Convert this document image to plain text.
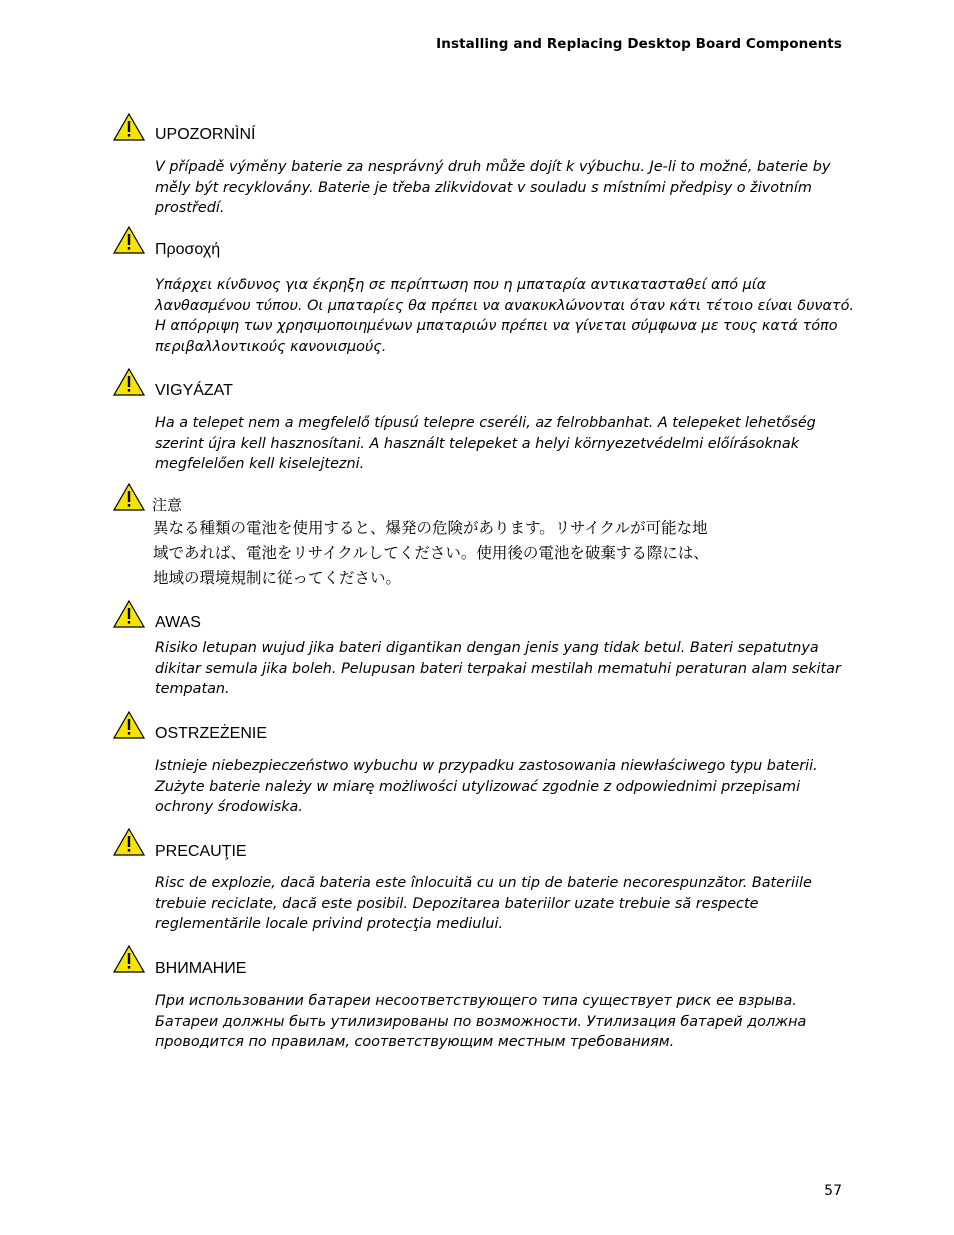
Installing and Replacing Desktop Board Components
UPOZORNÌNÍ

V případě výměny baterie za nesprávný druh může dojít k výbuchu. Je-li to možné, baterie by měly být recyklovány. Baterie je třeba zlikvidovat v souladu s místními předpisy o životním prostředí.

Προσοχή

Υπάρχει κίνδυνος για έκρηξη σε περίπτωση που η μπαταρία αντικατασταθεί από μία λανθασμένου τύπου. Οι μπαταρίες θα πρέπει να ανακυκλώνονται όταν κάτι τέτοιο είναι δυνατό. Η απόρριψη των χρησιμοποιημένων μπαταριών πρέπει να γίνεται σύμφωνα με τους κατά τόπο περιβαλλοντικούς κανονισμούς.

VIGYÁZAT

Ha a telepet nem a megfelelő típusú telepre cseréli, az felrobbanhat. A telepeket lehetőség szerint újra kell hasznosítani. A használt telepeket a helyi környezetvédelmi előírásoknak megfelelően kell kiselejtezni.

注意

異なる種類の電池を使用すると、爆発の危険があります。リサイクルが可能な地域であれば、電池をリサイクルしてください。使用後の電池を破棄する際には、地域の環境規制に従ってください。

AWAS

Risiko letupan wujud jika bateri digantikan dengan jenis yang tidak betul. Bateri sepatutnya dikitar semula jika boleh. Pelupusan bateri terpakai mestilah mematuhi peraturan alam sekitar tempatan.

OSTRZEŻENIE

Istnieje niebezpieczeństwo wybuchu w przypadku zastosowania niewłaściwego typu baterii. Zużyte baterie należy w miarę możliwości utylizować zgodnie z odpowiednimi przepisami ochrony środowiska.

PRECAUŢIE

Risc de explozie, dacă bateria este înlocuită cu un tip de baterie necorespunzător. Bateriile trebuie reciclate, dacă este posibil. Depozitarea bateriilor uzate trebuie să respecte reglementările locale privind protecţia mediului.

ВНИМАНИЕ

При использовании батареи несоответствующего типа существует риск ее взрыва. Батареи должны быть утилизированы по возможности. Утилизация батарей должна проводится по правилам, соответствующим местным требованиям.

57
